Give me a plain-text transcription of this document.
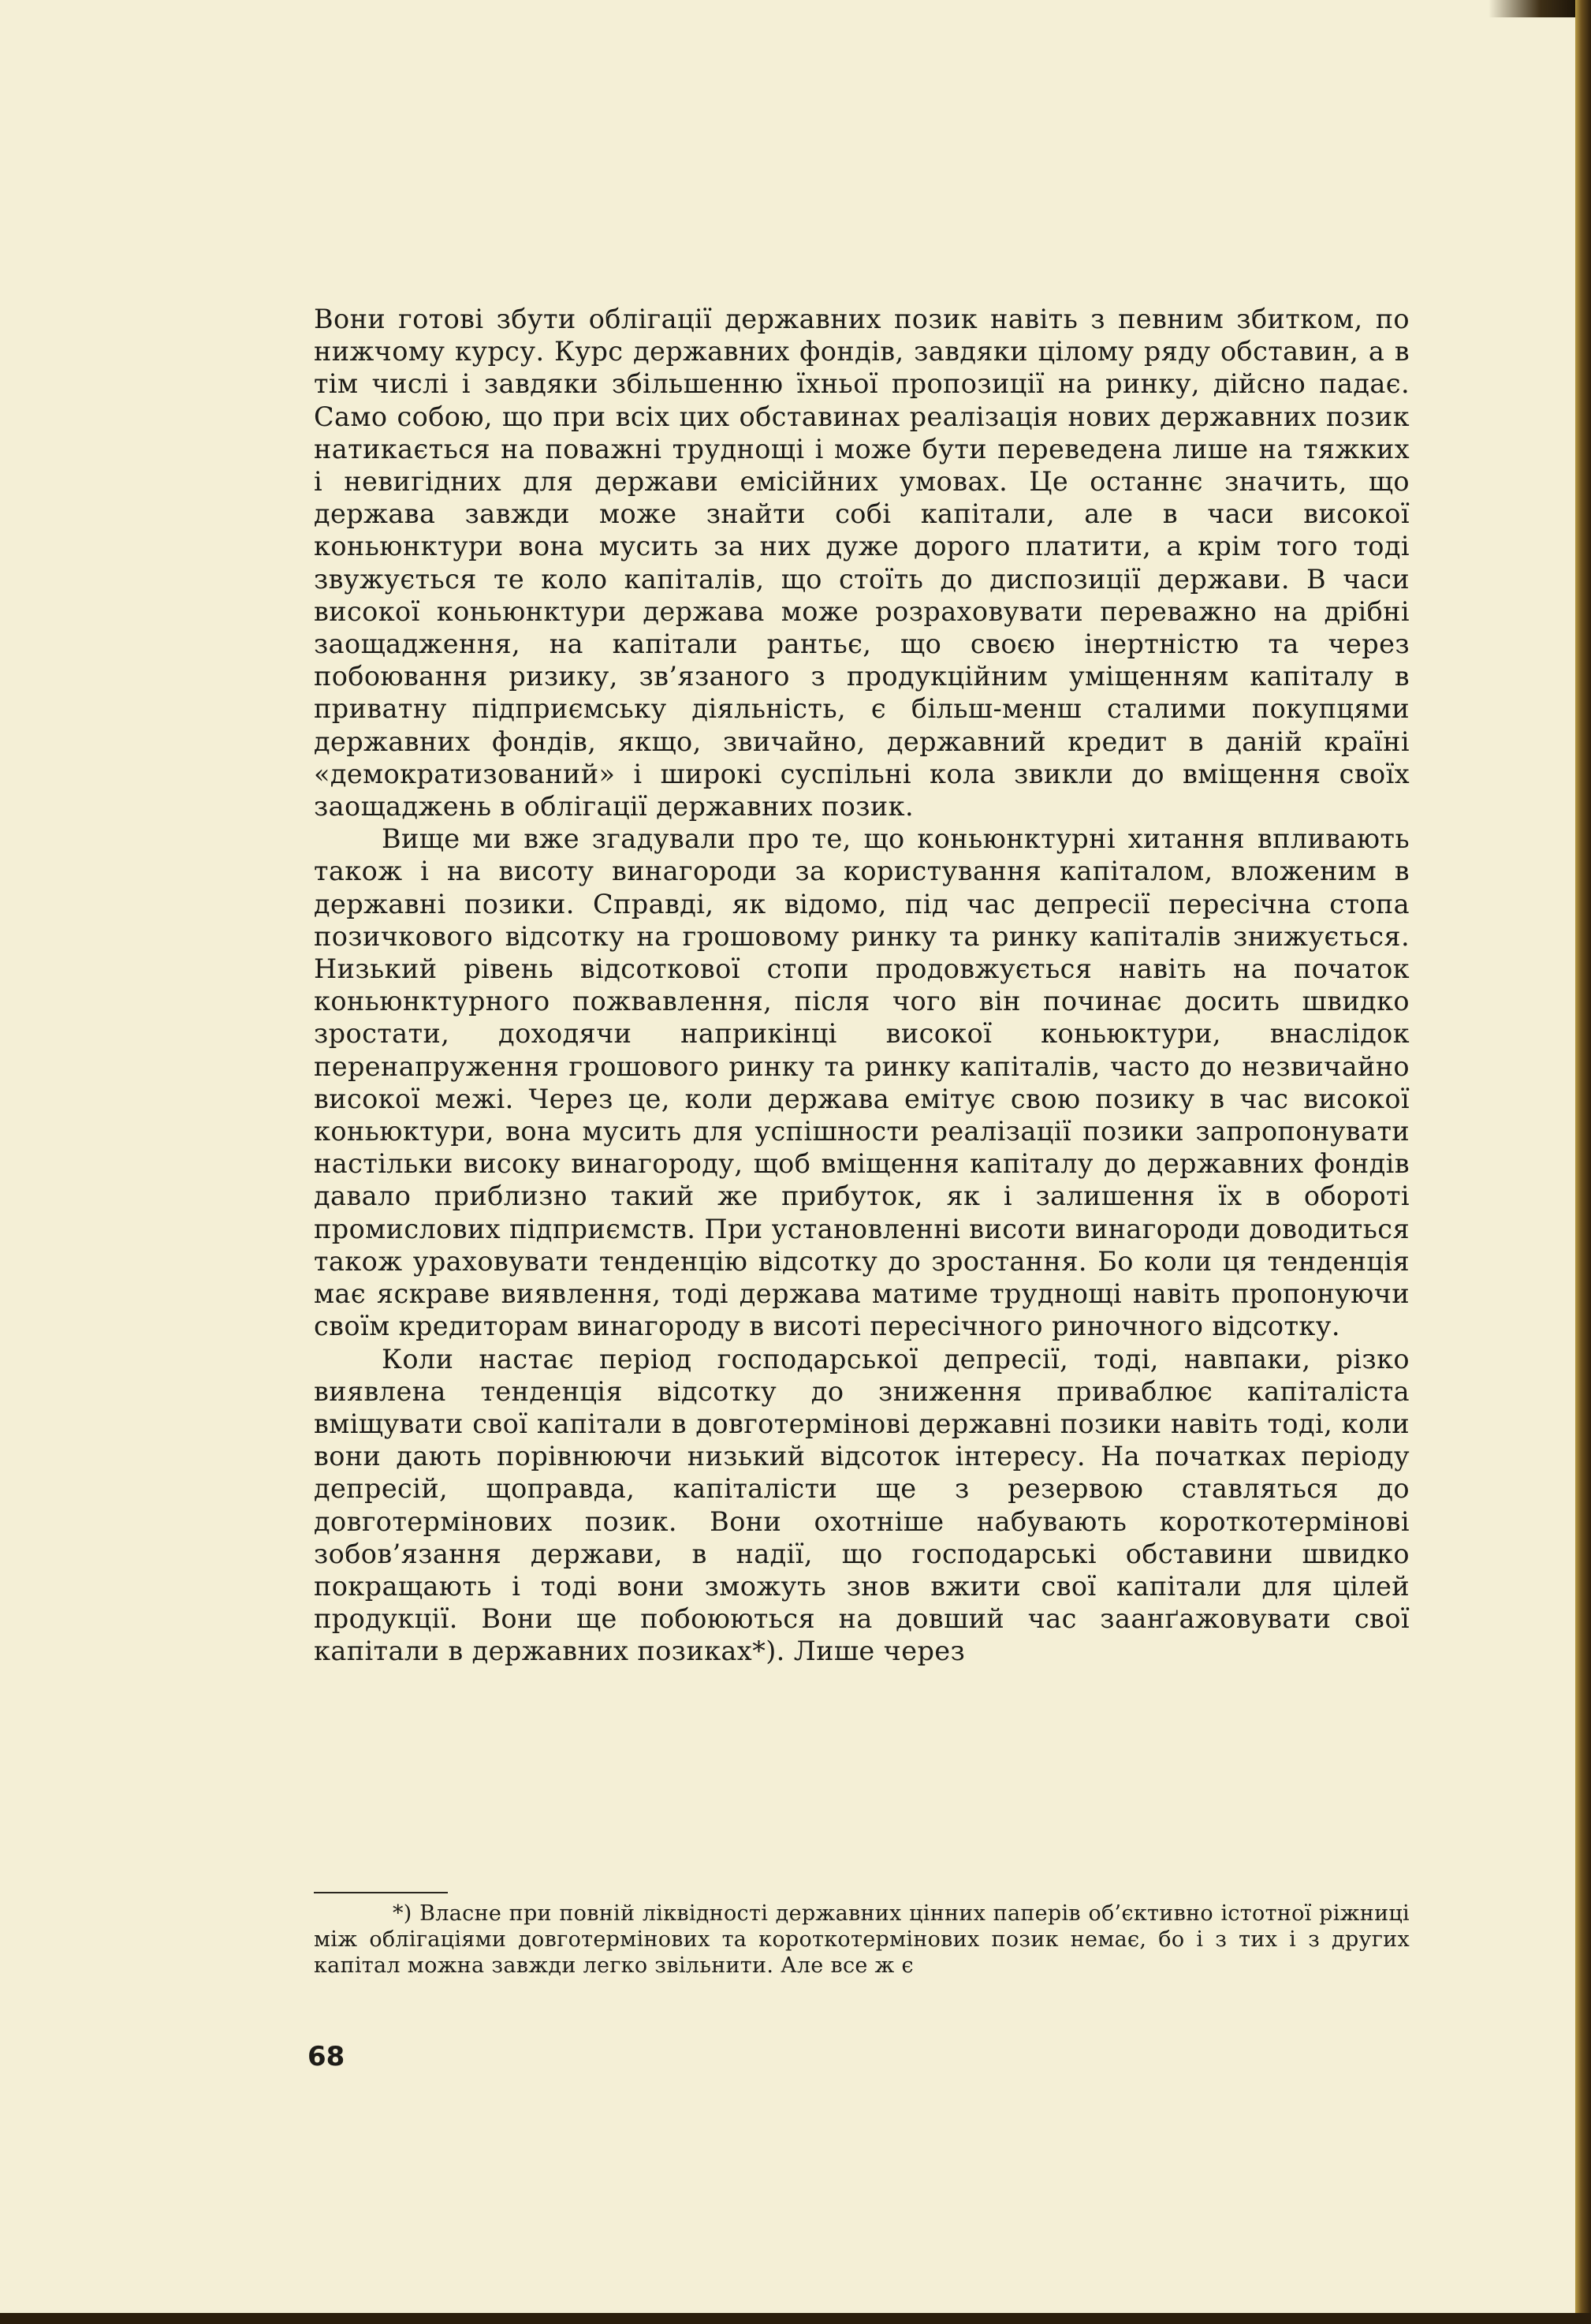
Вони готові збути облігації державних позик навіть з певним збитком, по нижчому курсу. Курс державних фондів, завдяки цілому ряду обставин, а в тім числі і завдяки збільшенню їхньої пропозиції на ринку, дійсно падає. Само собою, що при всіх цих обставинах реалізація нових державних позик натикається на поважні труднощі і може бути переведена лише на тяжких і невигідних для держави емісійних умовах. Це останнє значить, що держава завжди може знайти собі капітали, але в часи високої коньюнктури вона мусить за них дуже дорого платити, а крім того тоді звужується те коло капіталів, що стоїть до диспозиції держави. В часи високої коньюнктури держава може розраховувати переважно на дрібні заощадження, на капітали рантьє, що своєю інертністю та через побоювання ризику, зв’язаного з продукційним уміщенням капіталу в приватну підприємську діяльність, є більш-менш сталими покупцями державних фондів, якщо, звичайно, державний кредит в даній країні «демократизований» і широкі суспільні кола звикли до вміщення своїх заощаджень в облігації державних позик.

Вище ми вже згадували про те, що коньюнктурні хитання впливають також і на висоту винагороди за користування капіталом, вложеним в державні позики. Справді, як відомо, під час депресії пересічна стопа позичкового відсотку на грошовому ринку та ринку капіталів знижується. Низький рівень відсоткової стопи продовжується навіть на початок коньюнктурного пожвавлення, після чого він починає досить швидко зростати, доходячи наприкінці високої коньюктури, внаслідок перенапруження грошового ринку та ринку капіталів, часто до незвичайно високої межі. Через це, коли держава емітує свою позику в час високої коньюктури, вона мусить для успішности реалізації позики запропонувати настільки високу винагороду, щоб вміщення капіталу до державних фондів давало приблизно такий же прибуток, як і залишення їх в обороті промислових підприємств. При установленні висоти винагороди доводиться також ураховувати тенденцію відсотку до зростання. Бо коли ця тенденція має яскраве виявлення, тоді держава матиме труднощі навіть пропонуючи своїм кредиторам винагороду в висоті пересічного риночного відсотку.

Коли настає період господарської депресії, тоді, навпаки, різко виявлена тенденція відсотку до зниження приваблює капіталіста вміщувати свої капітали в довготермінові державні позики навіть тоді, коли вони дають порівнюючи низький відсоток інтересу. На початках періоду депресій, щоправда, капіталісти ще з резервою ставляться до довготермінових позик. Вони охотніше набувають короткотермінові зобов’язання держави, в надії, що господарські обставини швидко покращають і тоді вони зможуть знов вжити свої капітали для цілей продукції. Вони ще побоюються на довший час заанґажовувати свої капітали в державних позиках*). Лише через

*) Власне при повній ліквідності державних цінних паперів об’єктивно істотної ріжниці між облігаціями довготермінових та короткотермінових позик немає, бо і з тих і з других капітал можна завжди легко звільнити. Але все ж є

68
